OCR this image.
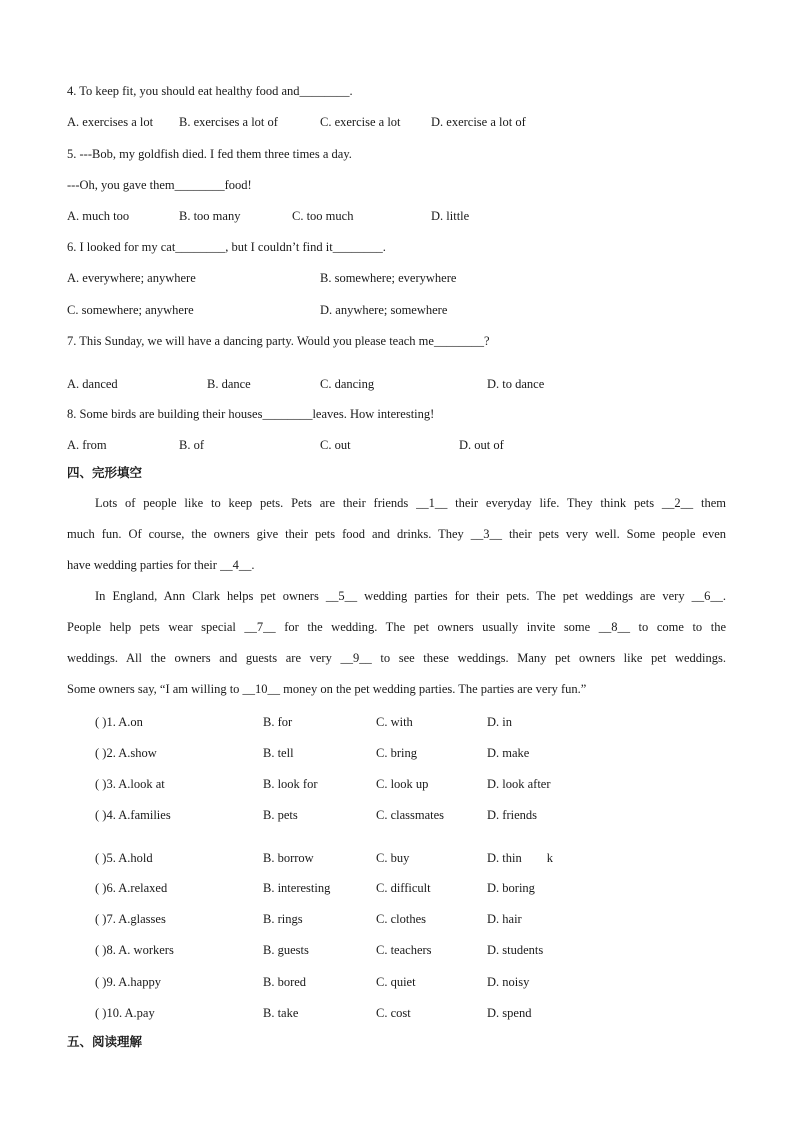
4. To keep fit, you should eat healthy food and________.
A. exercises a lot B. exercises a lot of	C. exercise a lot D. exercise a lot of
5. ---Bob, my goldfish died. I fed them three times a day.
---Oh, you gave them________food!
A. much too	B. too many	C. too much	D. little
6. I looked for my cat________, but I couldn’t find it________.
A. everywhere; anywhere	B. somewhere; everywhere
C. somewhere; anywhere	D. anywhere; somewhere
7. This Sunday, we will have a dancing party. Would you please teach me________?
A. danced	B. dance	C. dancing	D. to dance
8. Some birds are building their houses________leaves. How interesting!
A. from	B. of	C. out	D. out of
四、完形填空

Lots of people like to keep pets. Pets are their friends __1__ their everyday life. They think pets __2__ them

much fun. Of course, the owners give their pets food and drinks. They __3__ their pets very well. Some people even

have wedding parties for their __4__.

In England, Ann Clark helps pet owners __5__ wedding parties for their pets. The pet weddings are very __6__.

People help pets wear special __7__ for the wedding. The pet owners usually invite some __8__ to come to the

weddings. All the owners and guests are very __9__ to see these weddings. Many pet owners like pet weddings.

Some owners say, “I am willing to __10__ money on the pet wedding parties. The parties are very fun.”

( )1. A.on	B. for	C. with	D. in
( )2. A.show	B. tell	C. bring	D. make
( )3. A.look at	B. look for	C. look up	D. look after
( )4. A.families	B. pets	C. classmates	D. friends
( )5. A.hold	B. borrow	C. buy	D. thin        k
( )6. A.relaxed	B. interesting	C. difficult	D. boring
( )7. A.glasses	B. rings	C. clothes	D. hair
( )8. A. workers	B. guests	C. teachers	D. students
( )9. A.happy	B. bored	C. quiet	D. noisy
( )10. A.pay	B. take	C. cost	D. spend
五、阅读理解
